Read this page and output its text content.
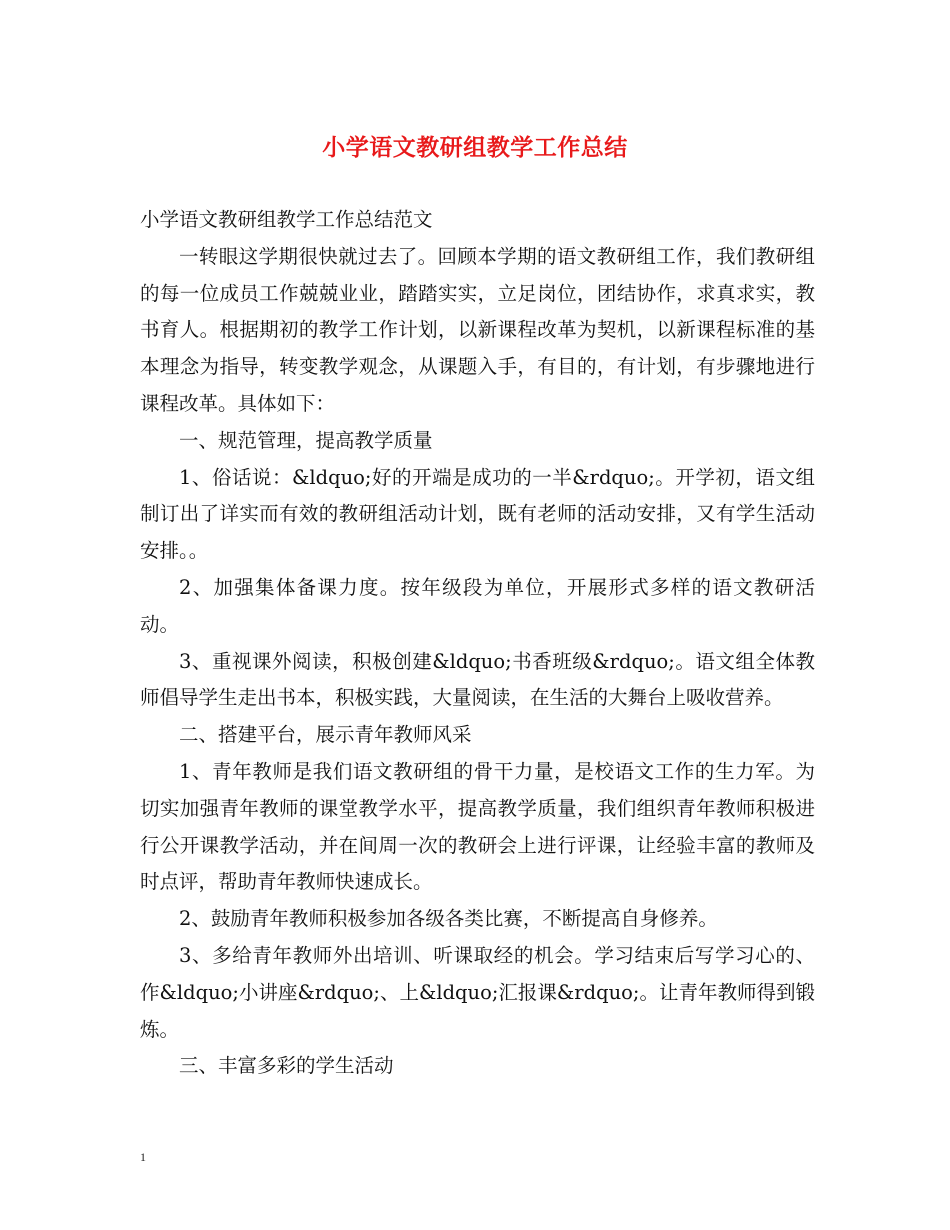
小学语文教研组教学工作总结

小学语文教研组教学工作总结范文

一转眼这学期很快就过去了。回顾本学期的语文教研组工作，我们教研组的每一位成员工作兢兢业业，踏踏实实，立足岗位，团结协作，求真求实，教书育人。根据期初的教学工作计划，以新课程改革为契机，以新课程标准的基本理念为指导，转变教学观念，从课题入手，有目的，有计划，有步骤地进行课程改革。具体如下：

一、规范管理，提高教学质量

1、俗话说：&ldquo;好的开端是成功的一半&rdquo;。开学初，语文组制订出了详实而有效的教研组活动计划，既有老师的活动安排，又有学生活动安排。。

2、加强集体备课力度。按年级段为单位，开展形式多样的语文教研活动。

3、重视课外阅读，积极创建&ldquo;书香班级&rdquo;。语文组全体教师倡导学生走出书本，积极实践，大量阅读，在生活的大舞台上吸收营养。

二、搭建平台，展示青年教师风采

1、青年教师是我们语文教研组的骨干力量，是校语文工作的生力军。为切实加强青年教师的课堂教学水平，提高教学质量，我们组织青年教师积极进行公开课教学活动，并在间周一次的教研会上进行评课，让经验丰富的教师及时点评，帮助青年教师快速成长。

2、鼓励青年教师积极参加各级各类比赛，不断提高自身修养。

3、多给青年教师外出培训、听课取经的机会。学习结束后写学习心的、作&ldquo;小讲座&rdquo;、上&ldquo;汇报课&rdquo;。让青年教师得到锻炼。

三、丰富多彩的学生活动

1
